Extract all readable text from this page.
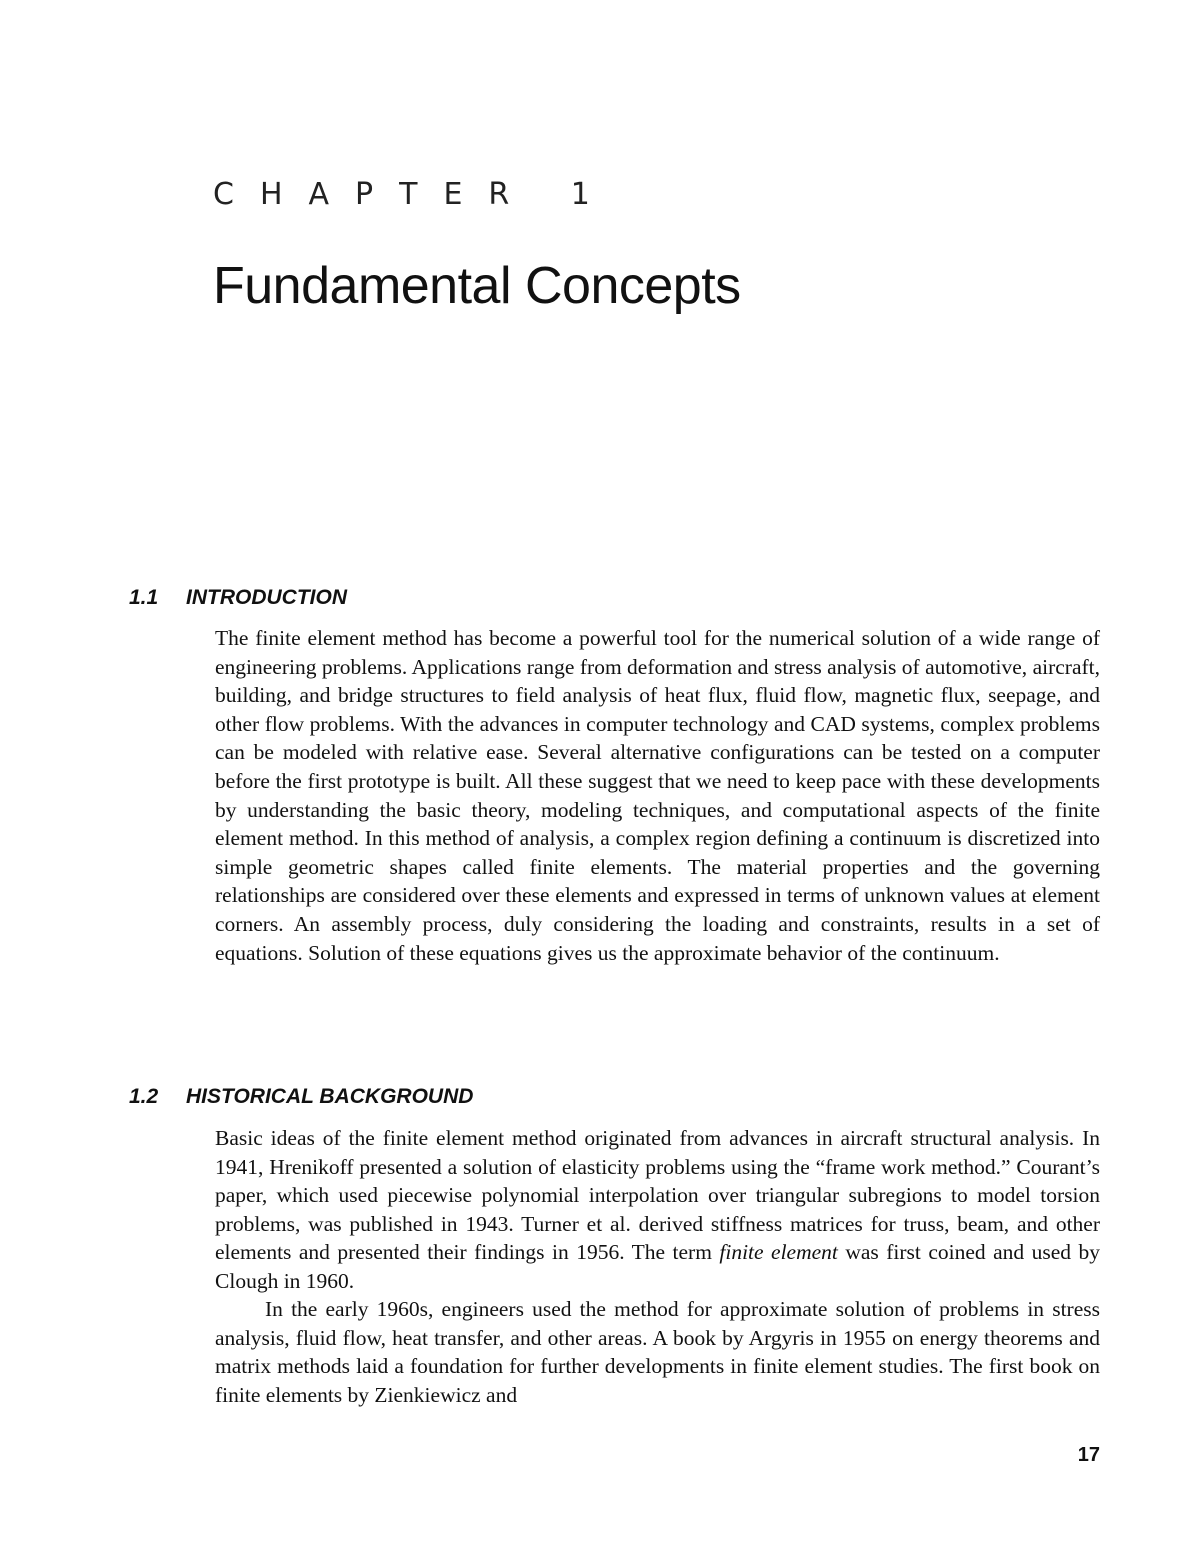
CHAPTER 1
Fundamental Concepts
1.1 INTRODUCTION

The finite element method has become a powerful tool for the numerical solution of a wide range of engineering problems. Applications range from deformation and stress analysis of automotive, aircraft, building, and bridge structures to field analysis of heat flux, fluid flow, magnetic flux, seepage, and other flow problems. With the advances in computer technology and CAD systems, complex problems can be modeled with relative ease. Several alternative configurations can be tested on a computer before the first prototype is built. All these suggest that we need to keep pace with these developments by understanding the basic theory, modeling techniques, and computational aspects of the finite element method. In this method of analysis, a complex region defining a continuum is discretized into simple geometric shapes called finite elements. The material properties and the governing relationships are considered over these elements and expressed in terms of unknown values at element corners. An assembly process, duly considering the loading and constraints, results in a set of equations. Solution of these equations gives us the approximate behavior of the continuum.

1.2 HISTORICAL BACKGROUND

Basic ideas of the finite element method originated from advances in aircraft structural analysis. In 1941, Hrenikoff presented a solution of elasticity problems using the “frame work method.” Courant’s paper, which used piecewise polynomial interpolation over triangular subregions to model torsion problems, was published in 1943. Turner et al. derived stiffness matrices for truss, beam, and other elements and presented their findings in 1956. The term finite element was first coined and used by Clough in 1960.

In the early 1960s, engineers used the method for approximate solution of problems in stress analysis, fluid flow, heat transfer, and other areas. A book by Argyris in 1955 on energy theorems and matrix methods laid a foundation for further developments in finite element studies. The first book on finite elements by Zienkiewicz and

17
